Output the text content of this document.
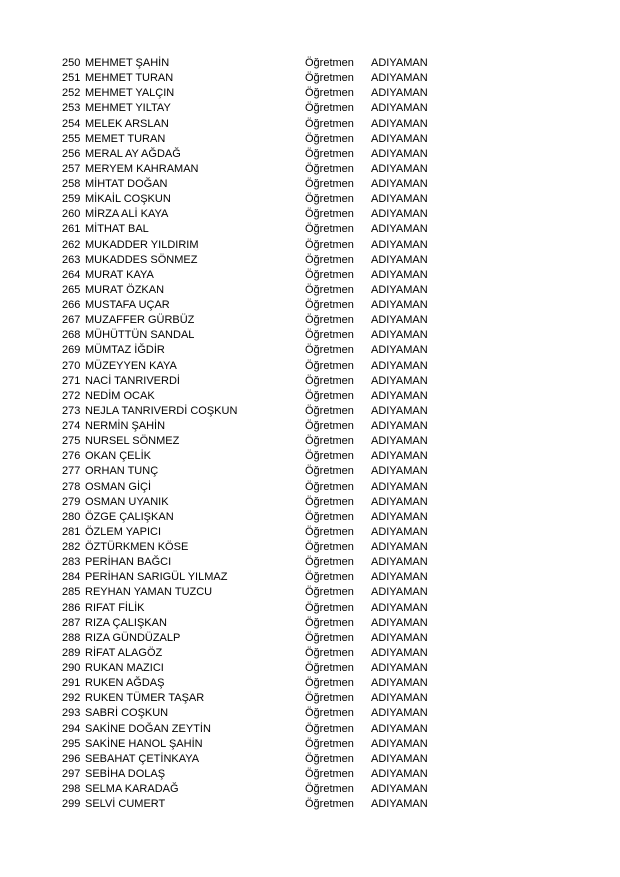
250 MEHMET ŞAHİN	Öğretmen ADIYAMAN
251 MEHMET TURAN	Öğretmen ADIYAMAN
252 MEHMET YALÇIN	Öğretmen ADIYAMAN
253 MEHMET YILTAY	Öğretmen ADIYAMAN
254 MELEK ARSLAN	Öğretmen ADIYAMAN
255 MEMET TURAN	Öğretmen ADIYAMAN
256 MERAL AY AĞDAĞ	Öğretmen ADIYAMAN
257 MERYEM KAHRAMAN	Öğretmen ADIYAMAN
258 MİHTAT DOĞAN	Öğretmen ADIYAMAN
259 MİKAİL COŞKUN	Öğretmen ADIYAMAN
260 MİRZA ALİ KAYA	Öğretmen ADIYAMAN
261 MİTHAT BAL	Öğretmen ADIYAMAN
262 MUKADDER YILDIRIM	Öğretmen ADIYAMAN
263 MUKADDES SÖNMEZ	Öğretmen ADIYAMAN
264 MURAT KAYA	Öğretmen ADIYAMAN
265 MURAT ÖZKAN	Öğretmen ADIYAMAN
266 MUSTAFA UÇAR	Öğretmen ADIYAMAN
267 MUZAFFER GÜRBÜZ	Öğretmen ADIYAMAN
268 MÜHÜTTÜN SANDAL	Öğretmen ADIYAMAN
269 MÜMTAZ İĞDİR	Öğretmen ADIYAMAN
270 MÜZEYYEN KAYA	Öğretmen ADIYAMAN
271 NACİ TANRIVERDİ	Öğretmen ADIYAMAN
272 NEDİM OCAK	Öğretmen ADIYAMAN
273 NEJLA TANRIVERDİ COŞKUN	Öğretmen ADIYAMAN
274 NERMİN ŞAHİN	Öğretmen ADIYAMAN
275 NURSEL SÖNMEZ	Öğretmen ADIYAMAN
276 OKAN ÇELİK	Öğretmen ADIYAMAN
277 ORHAN TUNÇ	Öğretmen ADIYAMAN
278 OSMAN GİÇİ	Öğretmen ADIYAMAN
279 OSMAN UYANIK	Öğretmen ADIYAMAN
280 ÖZGE ÇALIŞKAN	Öğretmen ADIYAMAN
281 ÖZLEM YAPICI	Öğretmen ADIYAMAN
282 ÖZTÜRKMEN KÖSE	Öğretmen ADIYAMAN
283 PERİHAN BAĞCI	Öğretmen ADIYAMAN
284 PERİHAN SARIGÜL YILMAZ	Öğretmen ADIYAMAN
285 REYHAN YAMAN TUZCU	Öğretmen ADIYAMAN
286 RIFAT FİLİK	Öğretmen ADIYAMAN
287 RIZA ÇALIŞKAN	Öğretmen ADIYAMAN
288 RIZA GÜNDÜZALP	Öğretmen ADIYAMAN
289 RİFAT ALAGÖZ	Öğretmen ADIYAMAN
290 RUKAN MAZICI	Öğretmen ADIYAMAN
291 RUKEN AĞDAŞ	Öğretmen ADIYAMAN
292 RUKEN TÜMER TAŞAR	Öğretmen ADIYAMAN
293 SABRİ COŞKUN	Öğretmen ADIYAMAN
294 SAKİNE DOĞAN ZEYTİN	Öğretmen ADIYAMAN
295 SAKİNE HANOL ŞAHİN	Öğretmen ADIYAMAN
296 SEBAHAT ÇETİNKAYA	Öğretmen ADIYAMAN
297 SEBİHA DOLAŞ	Öğretmen ADIYAMAN
298 SELMA KARADAĞ	Öğretmen ADIYAMAN
299 SELVİ CUMERT	Öğretmen ADIYAMAN
